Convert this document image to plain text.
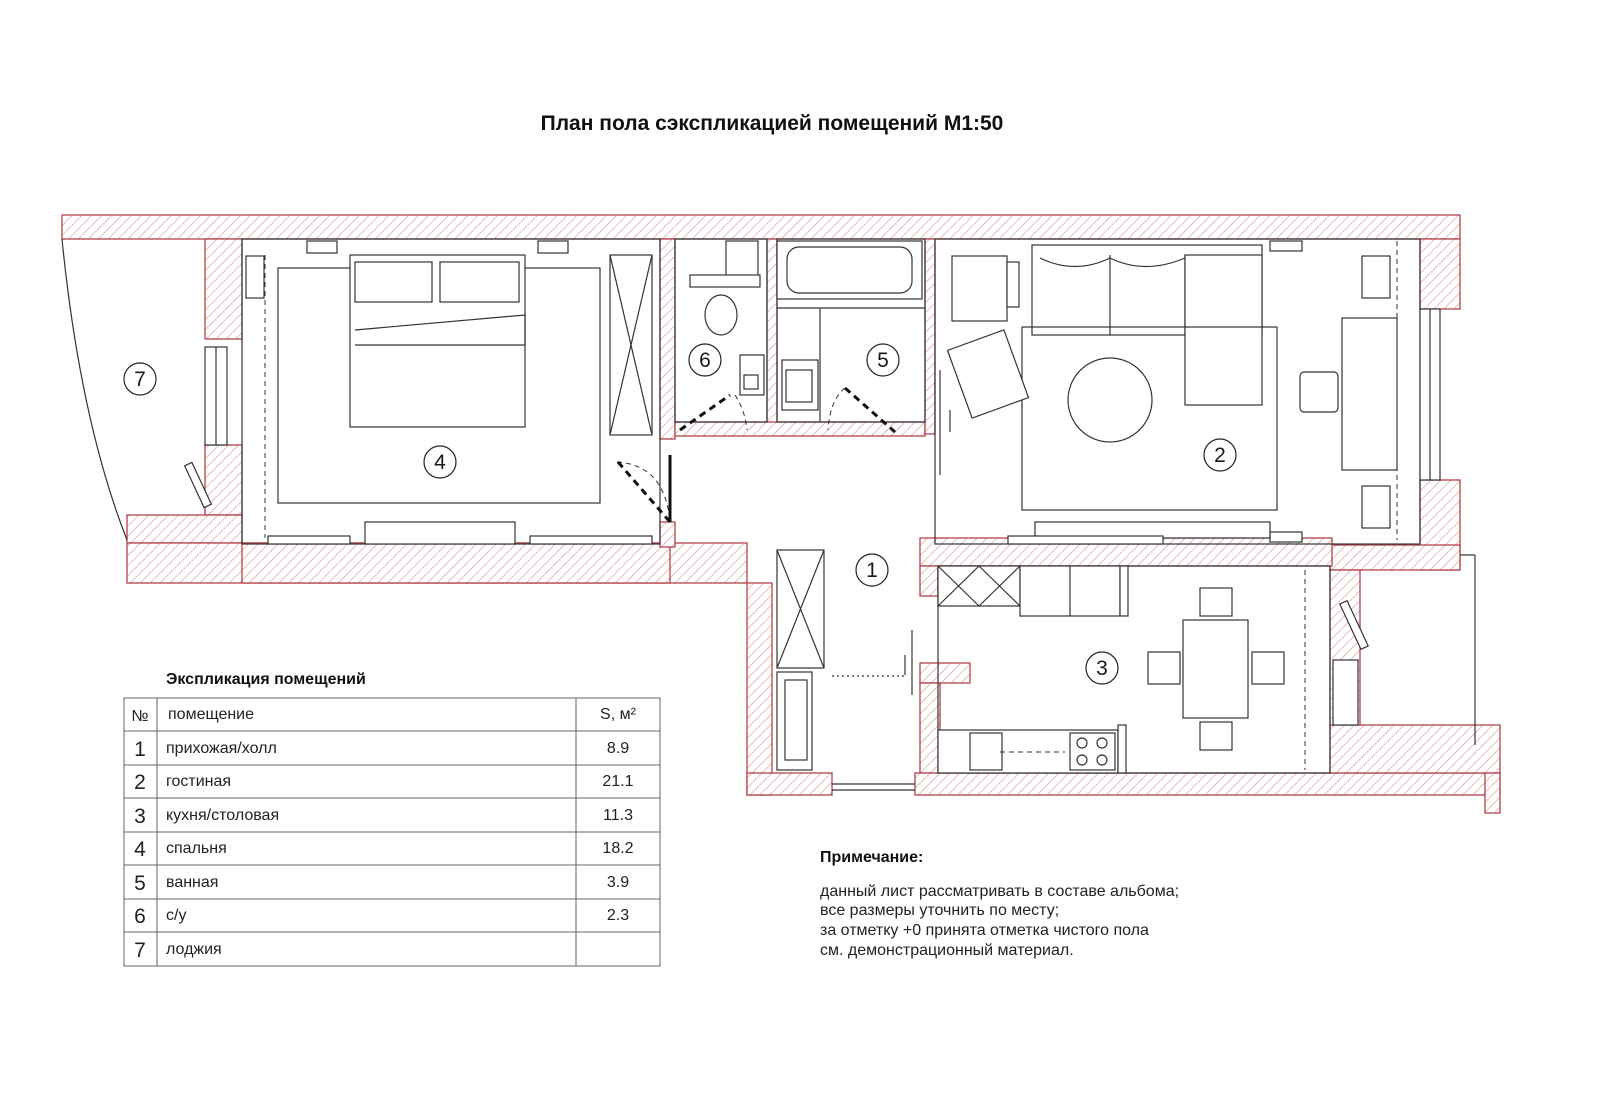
План пола сэкспликацией помещений М1:50
7
4
6	5
2
1
3
Экспликация помещений
№ помещение	S, м²
1 прихожая/холл	8.9
2 гостиная	21.1
3 кухня/столовая	11.3
4 спальня	18.2
5 ванная	3.9
6 с/у	2.3
7 лоджия
Примечание:
данный лист рассматривать в составе альбома;
все размеры уточнить по месту;
за отметку +0 принята отметка чистого пола
см. демонстрационный материал.
